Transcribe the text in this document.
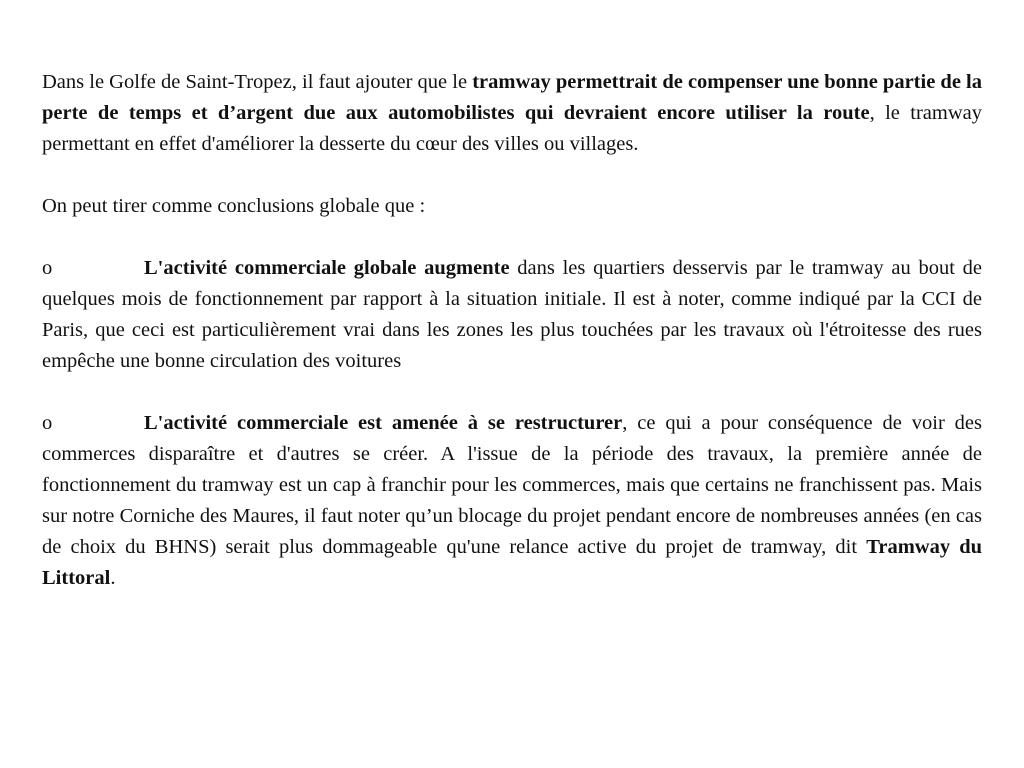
Dans le Golfe de Saint-Tropez, il faut ajouter que le tramway permettrait de compenser une bonne partie de la perte de temps et d’argent due aux automobilistes qui devraient encore utiliser la route, le tramway permettant en effet d'améliorer la desserte du cœur des villes ou villages.

On peut tirer comme conclusions globale que :

o	L'activité commerciale globale augmente dans les quartiers desservis par le tramway au bout de quelques mois de fonctionnement par rapport à la situation initiale. Il est à noter, comme indiqué par la CCI de Paris, que ceci est particulièrement vrai dans les zones les plus touchées par les travaux où l'étroitesse des rues empêche une bonne circulation des voitures

o	L'activité commerciale est amenée à se restructurer, ce qui a pour conséquence de voir des commerces disparaître et d'autres se créer. A l'issue de la période des travaux, la première année de fonctionnement du tramway est un cap à franchir pour les commerces, mais que certains ne franchissent pas. Mais sur notre Corniche des Maures, il faut noter qu’un blocage du projet pendant encore de nombreuses années (en cas de choix du BHNS) serait plus dommageable qu'une relance active du projet de tramway, dit Tramway du Littoral.
